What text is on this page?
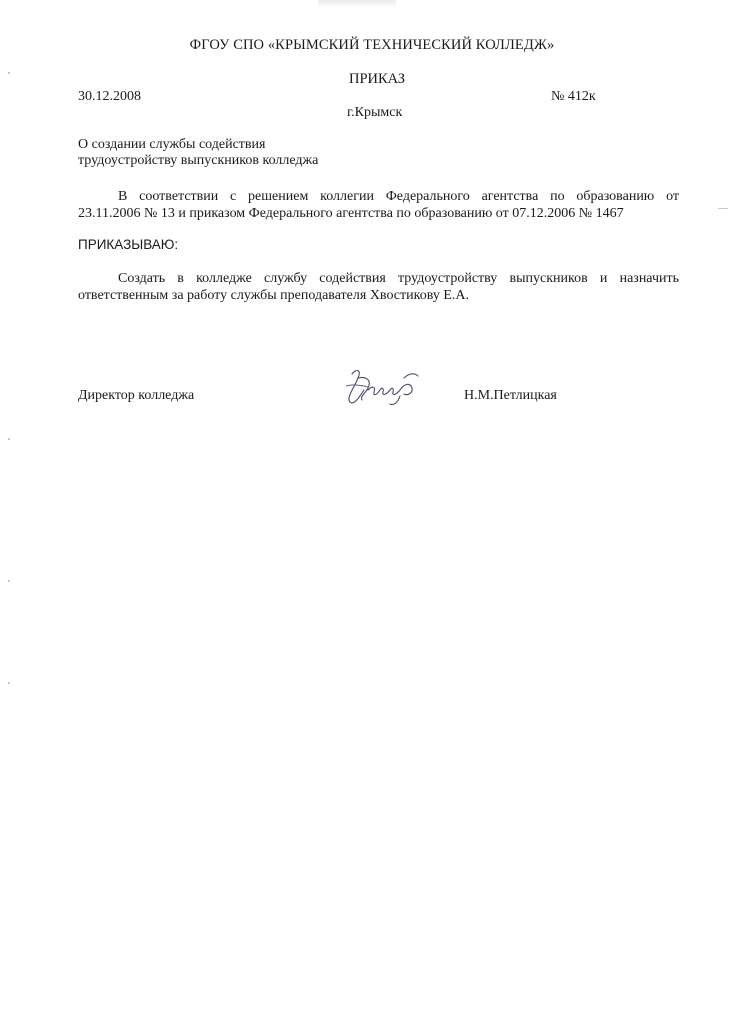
ФГОУ СПО «КРЫМСКИЙ ТЕХНИЧЕСКИЙ КОЛЛЕДЖ»
ПРИКАЗ
30.12.2008	№ 412к
г.Крымск
О создании службы содействия
трудоустройству выпускников колледжа
В соответствии с решением коллегии Федерального агентства по образованию от
23.11.2006 № 13 и приказом Федерального агентства по образованию от 07.12.2006 № 1467
ПРИКАЗЫВАЮ:
Создать в колледже службу содействия трудоустройству выпускников и назначить
ответственным за работу службы преподавателя Хвостикову Е.А.
Директор колледжа	Н.М.Петлицкая
